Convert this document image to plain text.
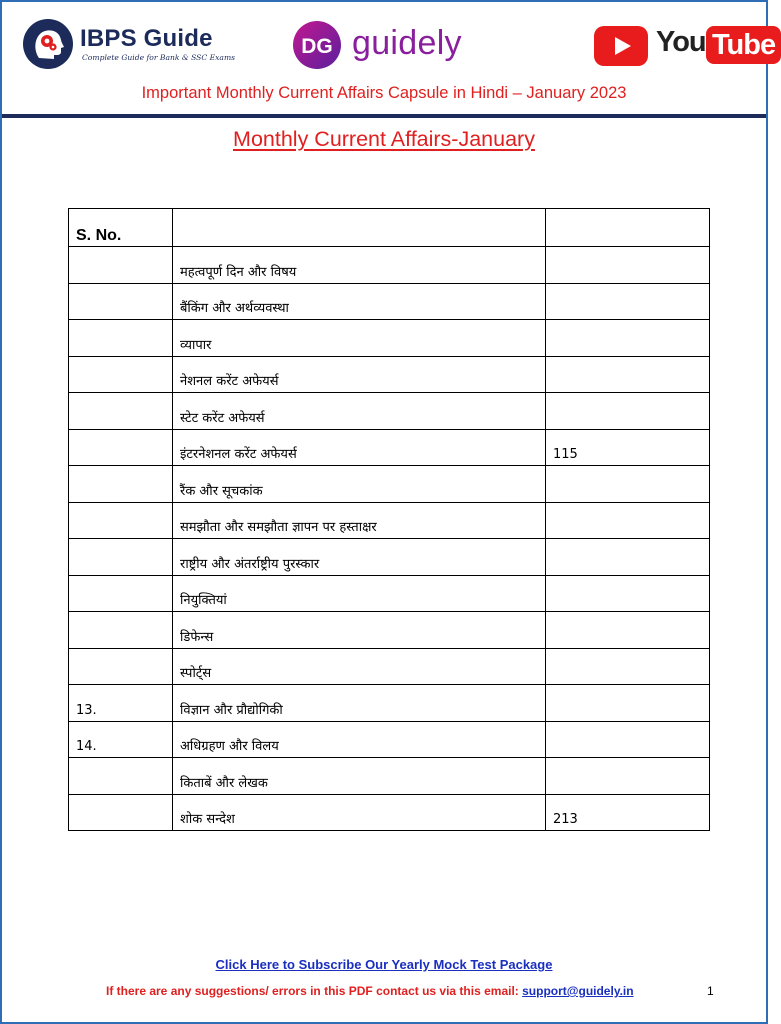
IBPS Guide
Complete Guide for Bank & SSC Exams	DG guidely	You Tube
Important Monthly Current Affairs Capsule in Hindi – January 2023
Monthly Current Affairs-January
S. No.		
	महत्वपूर्ण दिन और विषय	
	बैंकिंग और अर्थव्यवस्था	
	व्यापार	
	नेशनल करेंट अफेयर्स	
	स्टेट करेंट अफेयर्स	
	इंटरनेशनल करेंट अफेयर्स	115
	रैंक और सूचकांक	
	समझौता और समझौता ज्ञापन पर हस्ताक्षर	
	राष्ट्रीय और अंतर्राष्ट्रीय पुरस्कार	
	नियुक्तियां	
	डिफेन्स	
	स्पोर्ट्स	
13.	विज्ञान और प्रौद्योगिकी	
14.	अधिग्रहण और विलय	
	किताबें और लेखक	
	शोक सन्देश	213
Click Here to Subscribe Our Yearly Mock Test Package
If there are any suggestions/ errors in this PDF contact us via this email: support@guidely.in	1
